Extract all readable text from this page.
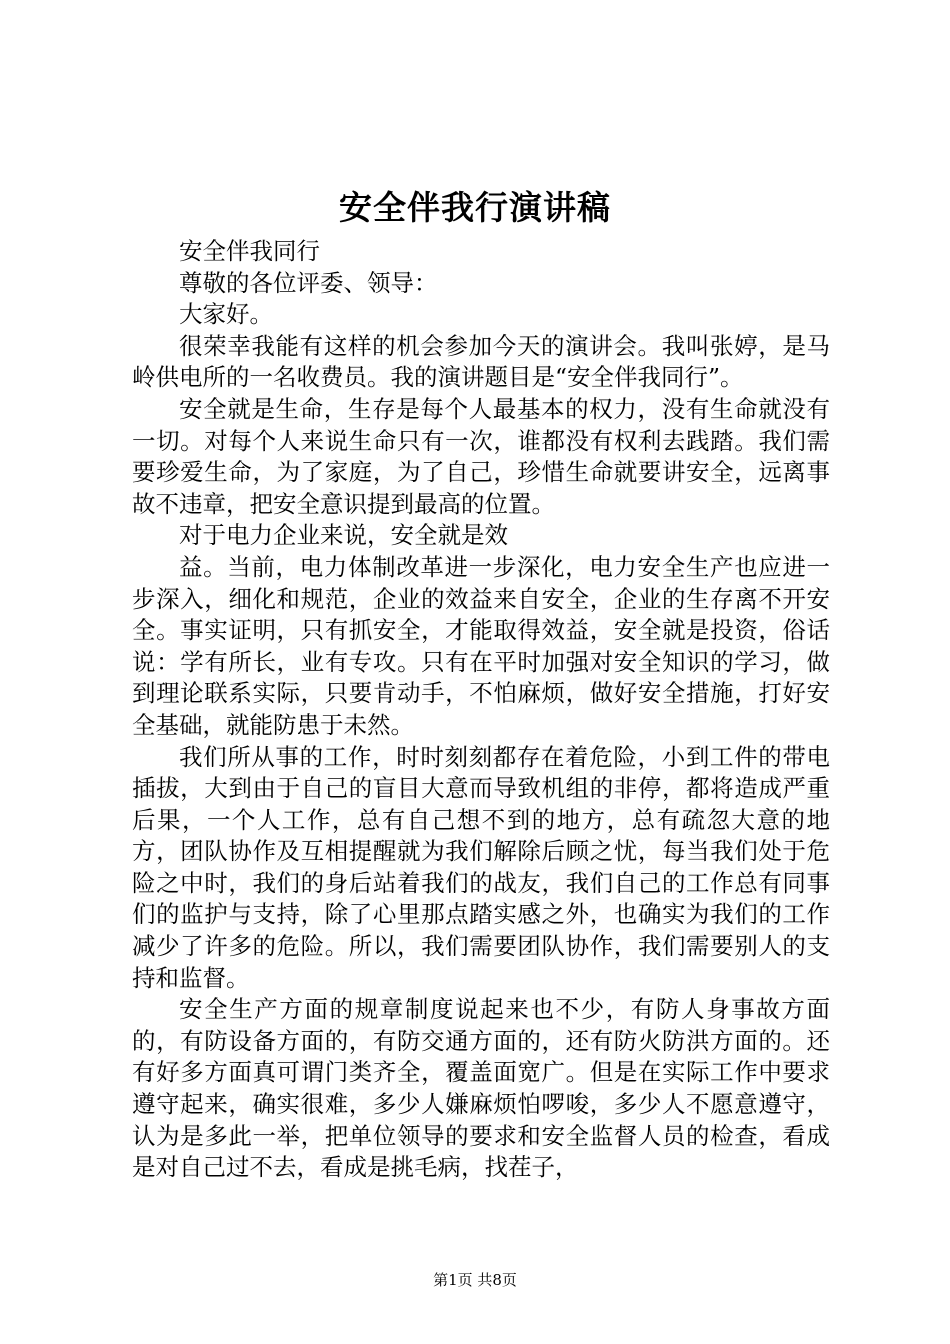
安全伴我行演讲稿

安全伴我同行

尊敬的各位评委、领导：

大家好。

很荣幸我能有这样的机会参加今天的演讲会。我叫张婷，是马岭供电所的一名收费员。我的演讲题目是“安全伴我同行”。

安全就是生命，生存是每个人最基本的权力，没有生命就没有一切。对每个人来说生命只有一次，谁都没有权利去践踏。我们需要珍爱生命，为了家庭，为了自己，珍惜生命就要讲安全，远离事故不违章，把安全意识提到最高的位置。

对于电力企业来说，安全就是效

益。当前，电力体制改革进一步深化，电力安全生产也应进一步深入，细化和规范，企业的效益来自安全，企业的生存离不开安全。事实证明，只有抓安全，才能取得效益，安全就是投资，俗话说：学有所长，业有专攻。只有在平时加强对安全知识的学习，做到理论联系实际，只要肯动手，不怕麻烦，做好安全措施，打好安全基础，就能防患于未然。

我们所从事的工作，时时刻刻都存在着危险，小到工件的带电插拔，大到由于自己的盲目大意而导致机组的非停，都将造成严重后果，一个人工作，总有自己想不到的地方，总有疏忽大意的地方，团队协作及互相提醒就为我们解除后顾之忧，每当我们处于危险之中时，我们的身后站着我们的战友，我们自己的工作总有同事们的监护与支持，除了心里那点踏实感之外，也确实为我们的工作减少了许多的危险。所以，我们需要团队协作，我们需要别人的支持和监督。

安全生产方面的规章制度说起来也不少，有防人身事故方面的，有防设备方面的，有防交通方面的，还有防火防洪方面的。还有好多方面真可谓门类齐全，覆盖面宽广。但是在实际工作中要求遵守起来，确实很难，多少人嫌麻烦怕啰唆，多少人不愿意遵守，认为是多此一举，把单位领导的要求和安全监督人员的检查，看成是对自己过不去，看成是挑毛病，找茬子，

第1页 共8页
